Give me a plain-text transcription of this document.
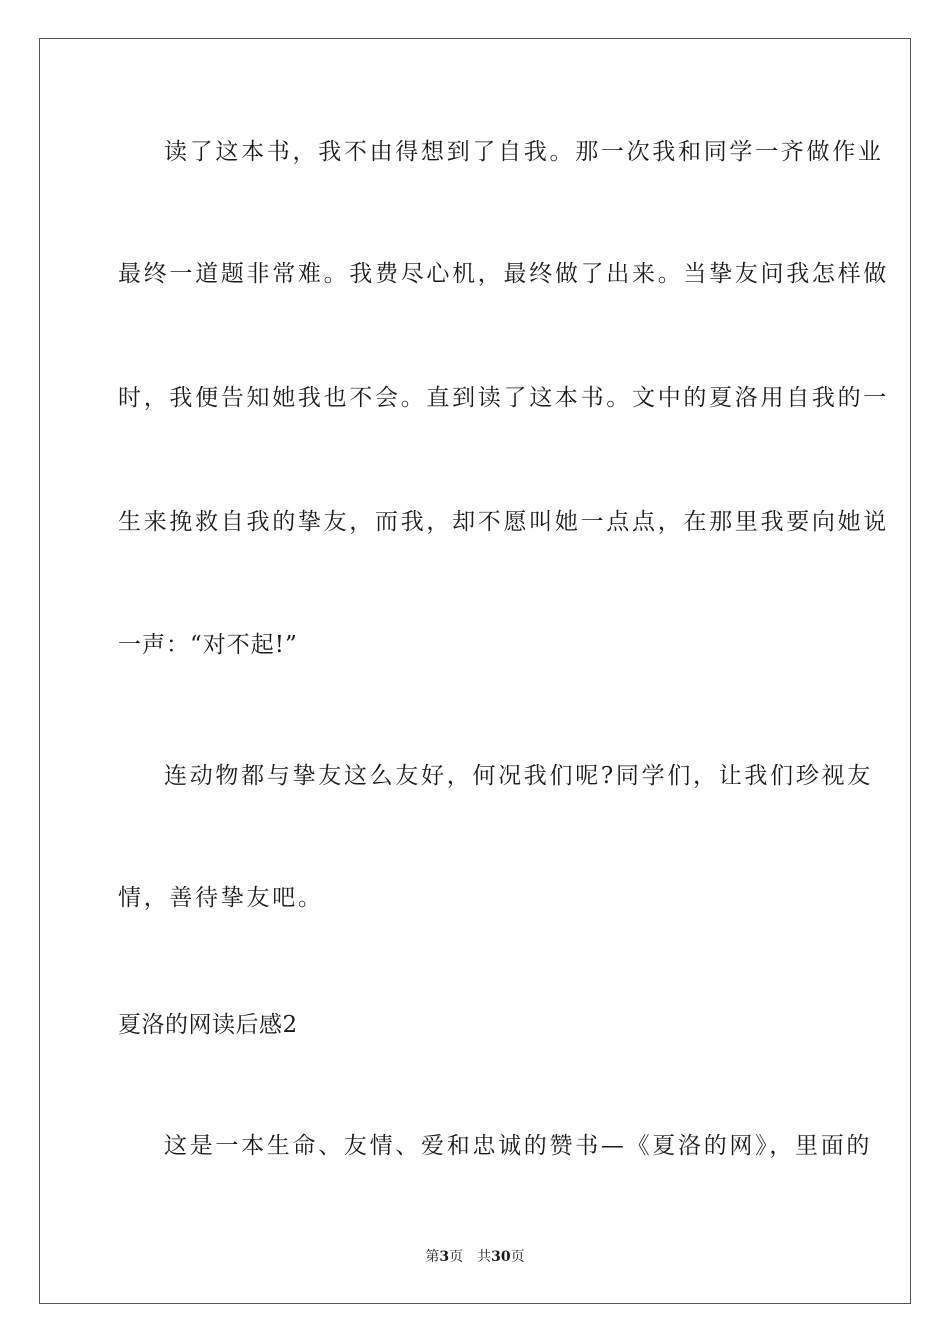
读了这本书，我不由得想到了自我。那一次我和同学一齐做作业
最终一道题非常难。我费尽心机，最终做了出来。当挚友问我怎样做
时，我便告知她我也不会。直到读了这本书。文中的夏洛用自我的一
生来挽救自我的挚友，而我，却不愿叫她一点点，在那里我要向她说
一声：“对不起!”
连动物都与挚友这么友好，何况我们呢?同学们，让我们珍视友
情，善待挚友吧。
夏洛的网读后感2
这是一本生命、友情、爱和忠诚的赞书—《夏洛的网》，里面的
第3页 共30页
